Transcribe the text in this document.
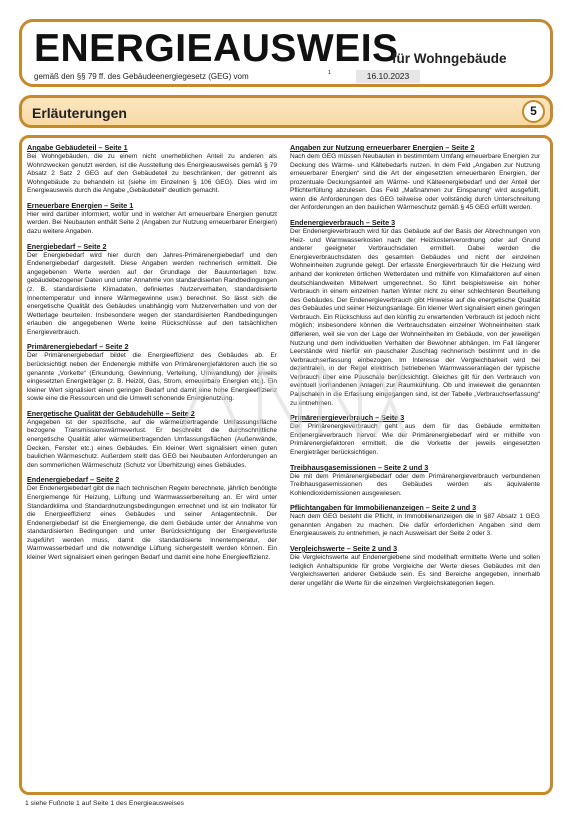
ENERGIEAUSWEIS
für Wohngebäude
gemäß den §§ 79 ff. des Gebäudeenergiegesetz (GEG) vom	1	16.10.2023
Erläuterungen	5
Angabe Gebäudeteil – Seite 1

Bei Wohngebäuden, die zu einem nicht unerheblichen Anteil zu anderen als Wohnzwecken genutzt werden, ist die Ausstellung des Energieausweises gemäß § 79 Absatz 2 Satz 2 GEG auf den Gebäudeteil zu beschränken, der getrennt als Wohngebäude zu behandeln ist (siehe im Einzelnen § 106 GEG). Dies wird im Energieausweis durch die Angabe „Gebäudeteil“ deutlich gemacht.

Erneuerbare Energien – Seite 1

Hier wird darüber informiert, wofür und in welcher Art erneuerbare Energien genutzt werden. Bei Neubauten enthält Seite 2 (Angaben zur Nutzung erneuerbarer Energien) dazu weitere Angaben.

Energiebedarf – Seite 2

Der Energiebedarf wird hier durch den Jahres-Primärenergiebedarf und den Endenergiebedarf dargestellt. Diese Angaben werden rechnerisch ermittelt. Die angegebenen Werte werden auf der Grundlage der Bauunterlagen bzw. gebäudebezogener Daten und unter Annahme von standardisierten Randbedingungen (z. B. standardisierte Klimadaten, definiertes Nutzerverhalten, standardisierte Innentemperatur und innere Wärmegewinne usw.) berechnet. So lässt sich die energetische Qualität des Gebäudes unabhängig vom Nutzerverhalten und von der Wetterlage beurteilen. Insbesondere wegen der standardisierten Randbedingungen erlauben die angegebenen Werte keine Rückschlüsse auf den tatsächlichen Energieverbrauch.

Primärenergiebedarf – Seite 2

Der Primärenergiebedarf bildet die Energieeffizienz des Gebäudes ab. Er berücksichtigt neben der Endenergie mithilfe von Primärenergiefaktoren auch die so genannte „Vorkette“ (Erkundung, Gewinnung, Verteilung, Umwandlung) der jeweils eingesetzten Energieträger (z. B. Heizöl, Gas, Strom, erneuerbare Energien etc.). Ein kleiner Wert signalisiert einen geringen Bedarf und damit eine hohe Energieeffizienz sowie eine die Ressourcen und die Umwelt schonende Energienutzung.

Energetische Qualität der Gebäudehülle – Seite 2

Angegeben ist der spezifische, auf die wärmeübertragende Umfassungsfläche bezogene Transmissionswärmeverlust. Er beschreibt die durchschnittliche energetische Qualität aller wärmeübertragenden Umfassungsflächen (Außenwände, Decken, Fenster etc.) eines Gebäudes. Ein kleiner Wert signalisiert einen guten baulichen Wärmeschutz. Außerdem stellt das GEG bei Neubauten Anforderungen an den sommerlichen Wärmeschutz (Schutz vor Überhitzung) eines Gebäudes.

Endenergiebedarf – Seite 2

Der Endenergiebedarf gibt die nach technischen Regeln berechnete, jährlich benötigte Energiemenge für Heizung, Lüftung und Warmwasserbereitung an. Er wird unter Standardklima und Standardnutzungsbedingungen errechnet und ist ein Indikator für die Energieeffizienz eines Gebäudes und seiner Anlagentechnik. Der Endenergiebedarf ist die Energiemenge, die dem Gebäude unter der Annahme von standardisierten Bedingungen und unter Berücksichtigung der Energieverluste zugeführt werden muss, damit die standardisierte Innentemperatur, der Warmwasserbedarf und die notwendige Lüftung sichergestellt werden können. Ein kleiner Wert signalisiert einen geringen Bedarf und damit eine hohe Energieeffizienz.

Angaben zur Nutzung erneuerbarer Energien – Seite 2

Nach dem GEG müssen Neubauten in bestimmtem Umfang erneuerbare Energien zur Deckung des Wärme- und Kältebedarfs nutzen. In dem Feld „Angaben zur Nutzung erneuerbarer Energien“ sind die Art der eingesetzten erneuerbaren Energien, der prozentuale Deckungsanteil am Wärme- und Kälteenergiebedarf und der Anteil der Pflichterfüllung abzulesen. Das Feld „Maßnahmen zur Einsparung“ wird ausgefüllt, wenn die Anforderungen des GEG teilweise oder vollständig durch Unterschreitung der Anforderungen an den baulichen Wärmeschutz gemäß § 45 GEG erfüllt werden.

Endenergieverbrauch – Seite 3

Der Endenergieverbrauch wird für das Gebäude auf der Basis der Abrechnungen von Heiz- und Warmwasserkosten nach der Heizkostenverordnung oder auf Grund anderer geeigneter Verbrauchsdaten ermittelt. Dabei werden die Energieverbrauchsdaten des gesamten Gebäudes und nicht der einzelnen Wohneinheiten zugrunde gelegt. Der erfasste Energieverbrauch für die Heizung wird anhand der konkreten örtlichen Wetterdaten und mithilfe von Klimafaktoren auf einen deutschlandweiten Mittelwert umgerechnet. So führt beispielsweise ein hoher Verbrauch in einem einzelnen harten Winter nicht zu einer schlechteren Beurteilung des Gebäudes. Der Endenergieverbrauch gibt Hinweise auf die energetische Qualität des Gebäudes und seiner Heizungsanlage. Ein kleiner Wert signalisiert einen geringen Verbrauch. Ein Rückschluss auf den künftig zu erwartenden Verbrauch ist jedoch nicht möglich; insbesondere können die Verbrauchsdaten einzelner Wohneinheiten stark differieren, weil sie von der Lage der Wohneinheiten im Gebäude, von der jeweiligen Nutzung und dem individuellen Verhalten der Bewohner abhängen. Im Fall längerer Leerstände wird hierfür ein pauschaler Zuschlag rechnerisch bestimmt und in die Verbrauchserfassung einbezogen. Im Interesse der Vergleichbarkeit wird bei dezentralen, in der Regel elektrisch betriebenen Warmwasseranlagen der typische Verbrauch über eine Pauschale berücksichtigt. Gleiches gilt für den Verbrauch von eventuell vorhandenen Anlagen zur Raumkühlung. Ob und inwieweit die genannten Pauschalen in die Erfassung eingegangen sind, ist der Tabelle „Verbrauchserfassung“ zu entnehmen.

Primärenergieverbrauch – Seite 3

Der Primärenergieverbrauch geht aus dem für das Gebäude ermittelten Endenergieverbrauch hervor. Wie der Primärenergiebedarf wird er mithilfe von Primärenergiefaktoren ermittelt, die die Vorkette der jeweils eingesetzten Energieträger berücksichtigen.

Treibhausgasemissionen – Seite 2 und 3

Die mit dem Primärenergiebedarf oder dem Primärenergieverbrauch verbundenen Treibhausgasemissionen des Gebäudes werden als äquivalente Kohlendioxidemissionen ausgewiesen.

Pflichtangaben für Immobilienanzeigen – Seite 2 und 3

Nach dem GEG besteht die Pflicht, in Immobilienanzeigen die in §87 Absatz 1 GEG genannten Angaben zu machen. Die dafür erforderlichen Angaben sind dem Energieausweis zu entnehmen, je nach Ausweisart der Seite 2 oder 3.

Vergleichswerte – Seite 2 und 3

Die Vergleichswerte auf Endenergiebene sind modellhaft ermittelte Werte und sollen lediglich Anhaltspunkte für grobe Vergleiche der Werte dieses Gebäudes mit den Vergleichswerten anderer Gebäude sein. Es sind Bereiche angegeben, innerhalb derer ungefähr die Werte für die einzelnen Vergleichskategorien liegen.

1 siehe Fußnote 1 auf Seite 1 des Energieausweises
